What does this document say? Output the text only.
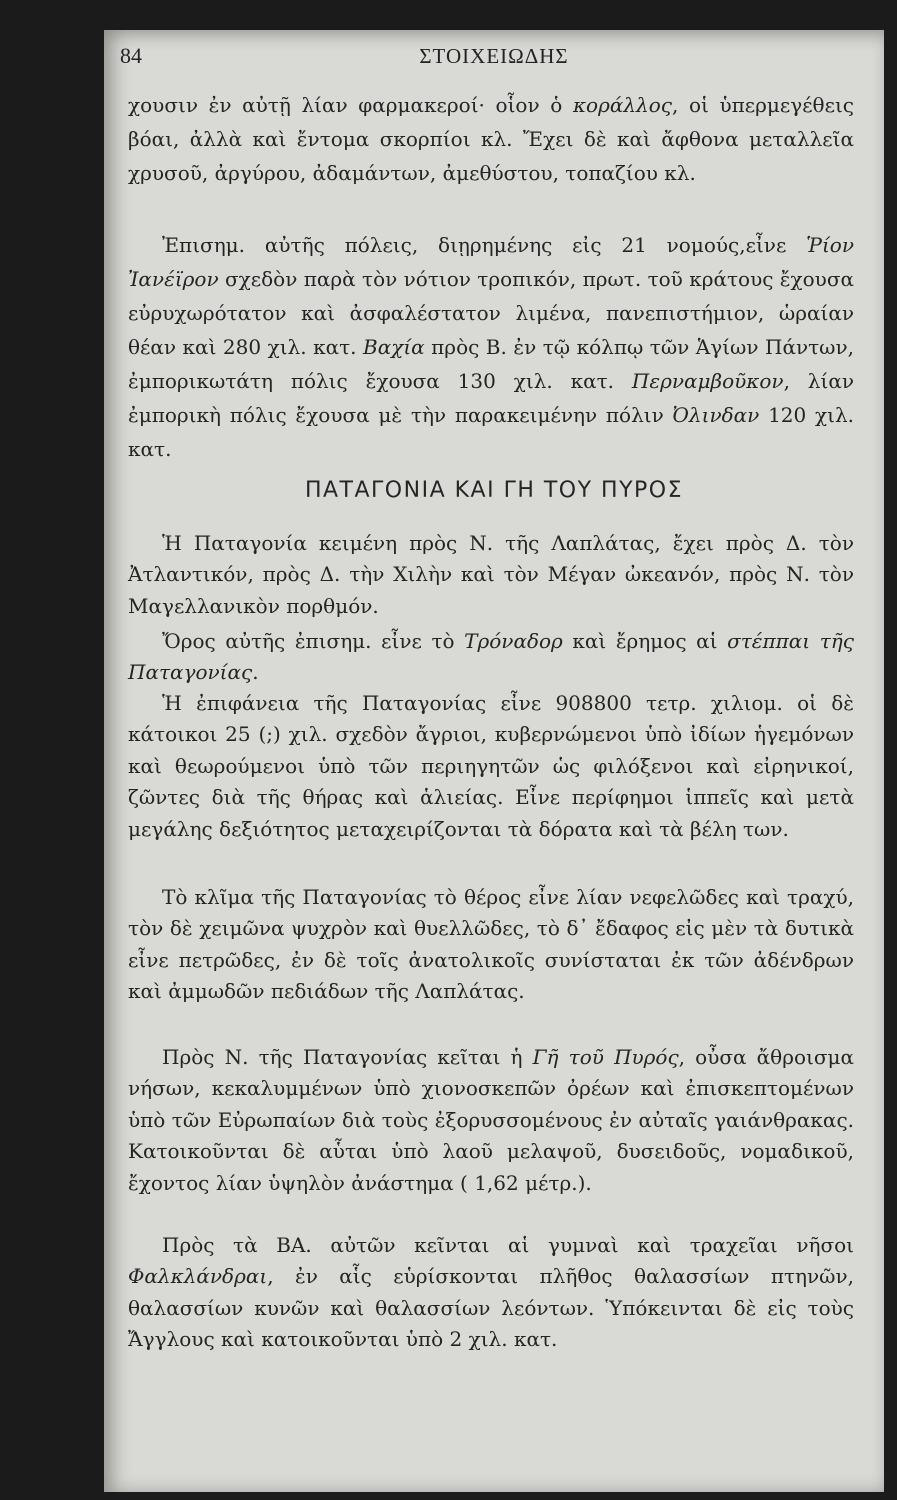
84	ΣΤΟΙΧΕΙΩΔΗΣ
χουσιν ἐν αὐτῇ λίαν φαρμακεροί· οἷον ὁ κοράλλος, οἱ ὑπερμεγέθεις βόαι, ἀλλὰ καὶ ἔντομα σκορπίοι κλ. Ἔχει δὲ καὶ ἄφθονα μεταλλεῖα χρυσοῦ, ἀργύρου, ἀδαμάντων, ἀμεθύστου, τοπαζίου κλ.
Ἐπισημ. αὐτῆς πόλεις, διῃρημένης εἰς 21 νομούς,εἶνε Ῥίον Ἰανέϊρον σχεδὸν παρὰ τὸν νότιον τροπικόν, πρωτ. τοῦ κράτους ἔχουσα εὐρυχωρότατον καὶ ἀσφαλέστατον λιμένα, πανεπιστήμιον, ὡραίαν θέαν καὶ 280 χιλ. κατ. Βαχία πρὸς Β. ἐν τῷ κόλπῳ τῶν Ἁγίων Πάντων, ἐμπορικωτάτη πόλις ἔχουσα 130 χιλ. κατ. Περναμβοῦκον, λίαν ἐμπορικὴ πόλις ἔχουσα μὲ τὴν παρακειμένην πόλιν Ὀλινδαν 120 χιλ. κατ.
ΠΑΤΑΓΟΝΙΑ ΚΑΙ ΓΗ ΤΟΥ ΠΥΡΟΣ
Ἡ Παταγονία κειμένη πρὸς Ν. τῆς Λαπλάτας, ἔχει πρὸς Δ. τὸν Ἀτλαντικόν, πρὸς Δ. τὴν Χιλὴν καὶ τὸν Μέγαν ὠκεανόν, πρὸς Ν. τὸν Μαγελλανικὸν πορθμόν.
Ὄρος αὐτῆς ἐπισημ. εἶνε τὸ Τρόναδορ καὶ ἔρημος αἱ στέππαι τῆς Παταγονίας.
Ἡ ἐπιφάνεια τῆς Παταγονίας εἶνε 908800 τετρ. χιλιομ. οἱ δὲ κάτοικοι 25 (;) χιλ. σχεδὸν ἄγριοι, κυβερνώμενοι ὑπὸ ἰδίων ἡγεμόνων καὶ θεωρούμενοι ὑπὸ τῶν περιηγητῶν ὡς φιλόξενοι καὶ εἰρηνικοί, ζῶντες διὰ τῆς θήρας καὶ ἁλιείας. Εἶνε περίφημοι ἱππεῖς καὶ μετὰ μεγάλης δεξιότητος μεταχειρίζονται τὰ δόρατα καὶ τὰ βέλη των.
Τὸ κλῖμα τῆς Παταγονίας τὸ θέρος εἶνε λίαν νεφελῶδες καὶ τραχύ, τὸν δὲ χειμῶνα ψυχρὸν καὶ θυελλῶδες, τὸ δ᾽ ἔδαφος εἰς μὲν τὰ δυτικὰ εἶνε πετρῶδες, ἐν δὲ τοῖς ἀνατολικοῖς συνίσταται ἐκ τῶν ἀδένδρων καὶ ἀμμωδῶν πεδιάδων τῆς Λαπλάτας.
Πρὸς Ν. τῆς Παταγονίας κεῖται ἡ Γῆ τοῦ Πυρός, οὖσα ἄθροισμα νήσων, κεκαλυμμένων ὑπὸ χιονοσκεπῶν ὀρέων καὶ ἐπισκεπτομένων ὑπὸ τῶν Εὐρωπαίων διὰ τοὺς ἐξορυσσομένους ἐν αὐταῖς γαιάνθρακας. Κατοικοῦνται δὲ αὗται ὑπὸ λαοῦ μελαψοῦ, δυσειδοῦς, νομαδικοῦ, ἔχοντος λίαν ὑψηλὸν ἀνάστημα ( 1,62 μέτρ.).
Πρὸς τὰ ΒΑ. αὐτῶν κεῖνται αἱ γυμναὶ καὶ τραχεῖαι νῆσοι Φαλκλάνδραι, ἐν αἷς εὑρίσκονται πλῆθος θαλασσίων πτηνῶν, θαλασσίων κυνῶν καὶ θαλασσίων λεόντων. Ὑπόκεινται δὲ εἰς τοὺς Ἄγγλους καὶ κατοικοῦνται ὑπὸ 2 χιλ. κατ.
